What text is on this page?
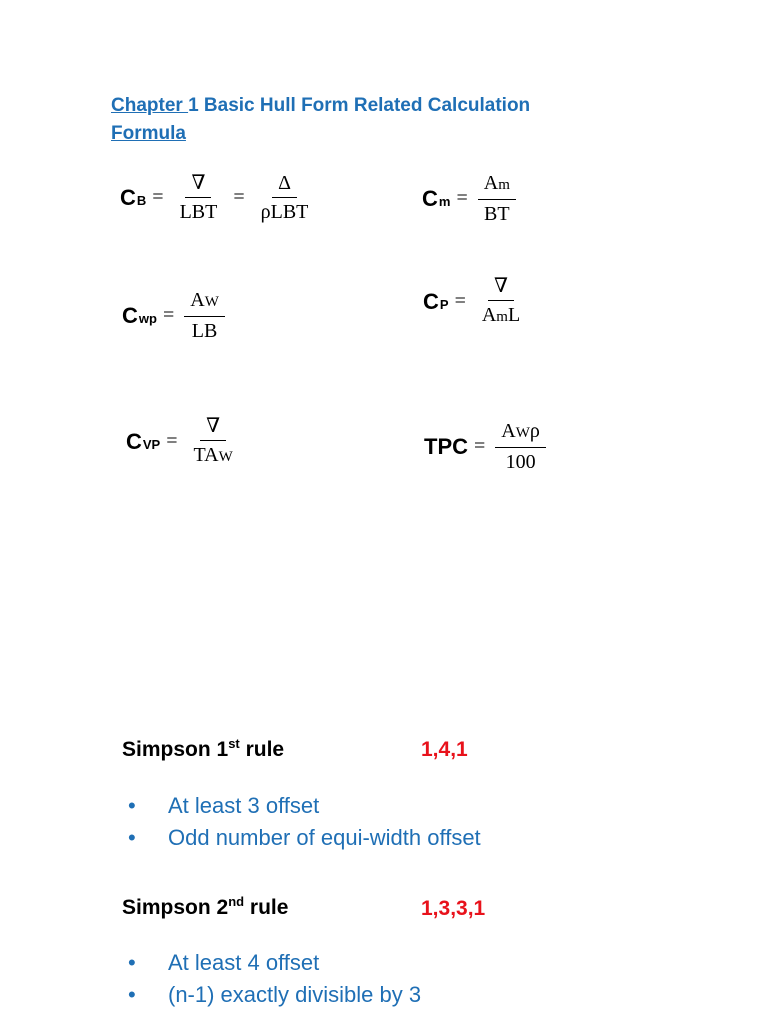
Chapter 1 Basic Hull Form Related Calculation
Formula
C $B = \frac{\nabla}{\text{LBT}} = \frac{\Delta}{\text{ρLBT}}$	C $m = \frac{Am}{BT}$
C wp = $\frac{AW}{LB}$	C $P = \frac{\nabla}{\text{AmL}}$
C VP = $\frac{\nabla}{\text{TAW}}$	TPC = $\frac{\text{AWρ}}{100}$
Simpson 1st rule	1,4,1
•	At least 3 offset
•	Odd number of equi-width offset
Simpson 2nd rule	1,3,3,1
•	At least 4 offset
•	(n-1) exactly divisible by 3
